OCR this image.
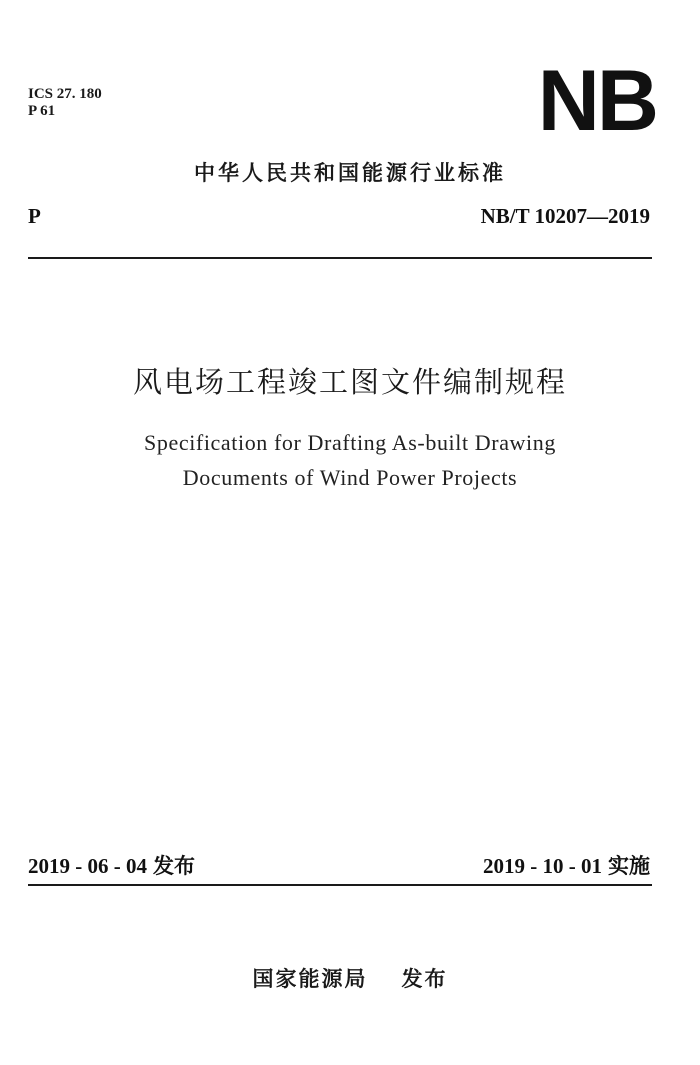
ICS 27. 180
P 61	NB
中华人民共和国能源行业标准
P	NB/T 10207—2019
风电场工程竣工图文件编制规程
Specification for Drafting As-built Drawing
Documents of Wind Power Projects
2019 - 06 - 04 发布	2019 - 10 - 01 实施
国家能源局 发布
